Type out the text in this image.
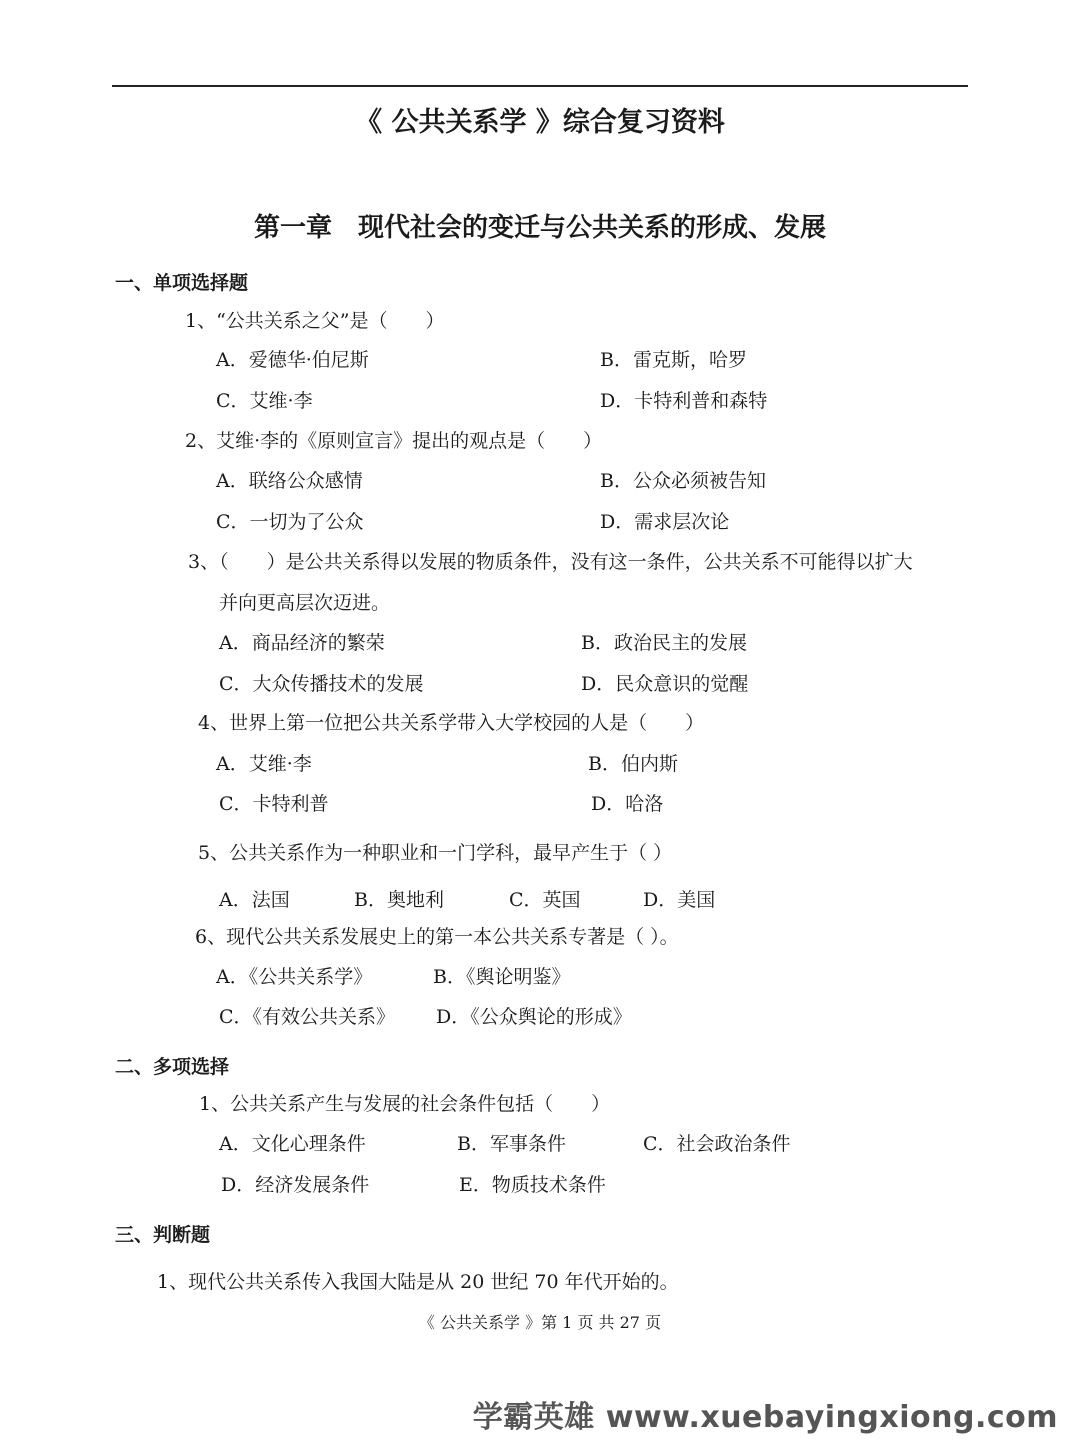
《 公共关系学 》综合复习资料
第一章　现代社会的变迁与公共关系的形成、发展
一、单项选择题
1、“公共关系之父”是（　　）
A．爱德华·伯尼斯	B．雷克斯，哈罗
C．艾维·李	D．卡特利普和森特
2、艾维·李的《原则宣言》提出的观点是（　　）
A．联络公众感情	B．公众必须被告知
C．一切为了公众	D．需求层次论
3、（　　）是公共关系得以发展的物质条件，没有这一条件，公共关系不可能得以扩大
并向更高层次迈进。
A．商品经济的繁荣	B．政治民主的发展
C．大众传播技术的发展	D．民众意识的觉醒
4、世界上第一位把公共关系学带入大学校园的人是（　　）
A．艾维·李	B．伯内斯
C．卡特利普	D．哈洛
5、公共关系作为一种职业和一门学科，最早产生于（ ）
A．法国	B．奥地利	C．英国	D．美国
6、现代公共关系发展史上的第一本公共关系专著是（ ）。
A．《公共关系学》	B．《舆论明鉴》
C．《有效公共关系》 D．《公众舆论的形成》
二、多项选择
1、公共关系产生与发展的社会条件包括（　　）
A．文化心理条件	B．军事条件	C．社会政治条件
D．经济发展条件	E．物质技术条件
三、判断题
1、现代公共关系传入我国大陆是从 20 世纪 70 年代开始的。
《 公共关系学 》第 1 页 共 27 页
学霸英雄 www.xuebayingxiong.com
